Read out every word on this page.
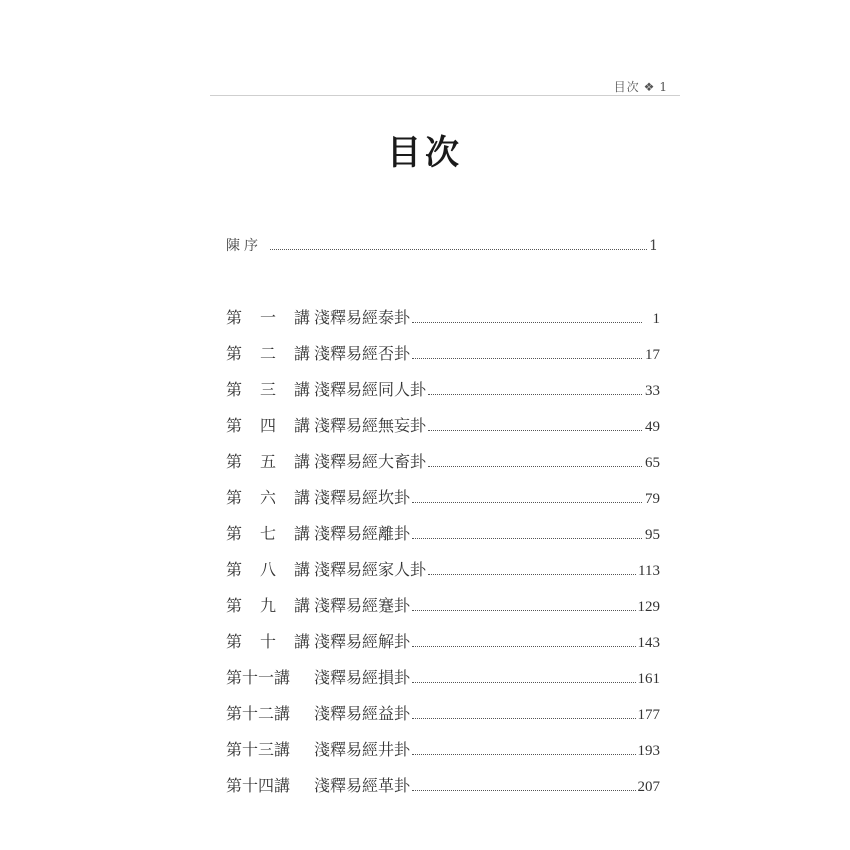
目次 ❖ 1
目次
陳序	1
第 一 講 淺釋易經泰卦	1
第 二 講 淺釋易經否卦	17
第 三 講 淺釋易經同人卦	33
第 四 講 淺釋易經無妄卦	49
第 五 講 淺釋易經大畜卦	65
第 六 講 淺釋易經坎卦	79
第 七 講 淺釋易經離卦	95
第 八 講 淺釋易經家人卦	113
第 九 講 淺釋易經蹇卦	129
第 十 講 淺釋易經解卦	143
第十一講 淺釋易經損卦	161
第十二講 淺釋易經益卦	177
第十三講 淺釋易經井卦	193
第十四講 淺釋易經革卦	207
